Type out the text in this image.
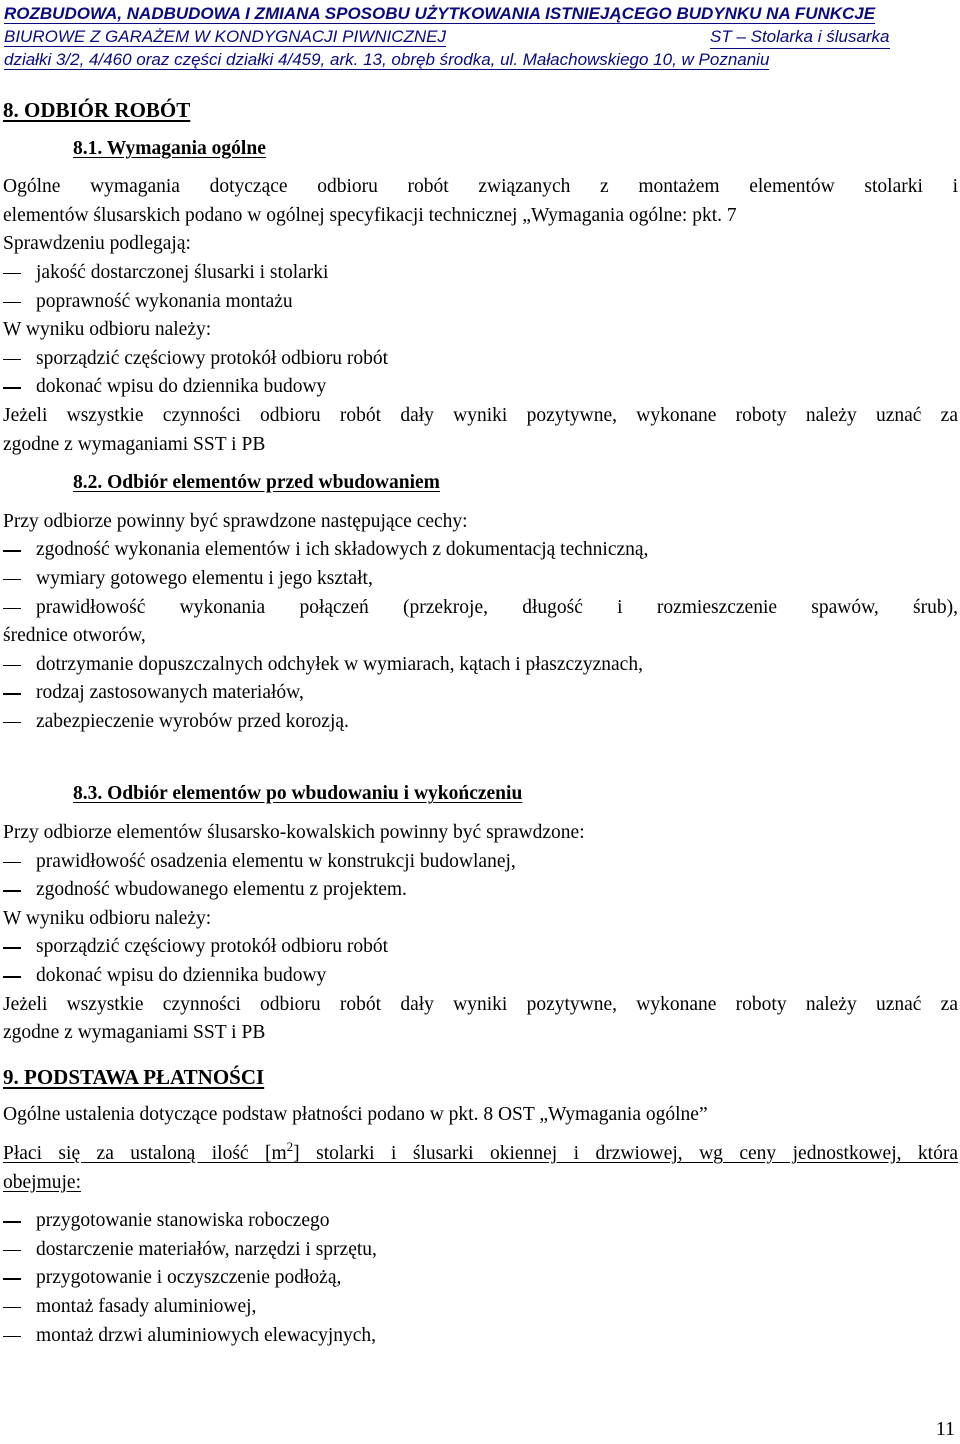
ROZBUDOWA, NADBUDOWA I ZMIANA SPOSOBU UŻYTKOWANIA ISTNIEJĄCEGO BUDYNKU NA FUNKCJE
BIUROWE Z GARAŻEM W KONDYGNACJI PIWNICZNEJ	ST – Stolarka i ślusarka
działki 3/2, 4/460 oraz części działki 4/459, ark. 13, obręb środka, ul. Małachowskiego 10, w Poznaniu
8. ODBIÓR ROBÓT
8.1. Wymagania ogólne
Ogólne wymagania dotyczące odbioru robót związanych z montażem elementów stolarki i
elementów ślusarskich podano w ogólnej specyfikacji technicznej „Wymagania ogólne: pkt. 7
Sprawdzeniu podlegają:
jakość dostarczonej ślusarki i stolarki
poprawność wykonania montażu
W wyniku odbioru należy:
sporządzić częściowy protokół odbioru robót
dokonać wpisu do dziennika budowy
Jeżeli wszystkie czynności odbioru robót dały wyniki pozytywne, wykonane roboty należy uznać za
zgodne z wymaganiami SST i PB
8.2. Odbiór elementów przed wbudowaniem
Przy odbiorze powinny być sprawdzone następujące cechy:
zgodność wykonania elementów i ich składowych z dokumentacją techniczną,
wymiary gotowego elementu i jego kształt,
prawidłowość wykonania połączeń (przekroje, długość i rozmieszczenie spawów, śrub),
średnice otworów,
dotrzymanie dopuszczalnych odchyłek w wymiarach, kątach i płaszczyznach,
rodzaj zastosowanych materiałów,
zabezpieczenie wyrobów przed korozją.
8.3. Odbiór elementów po wbudowaniu i wykończeniu
Przy odbiorze elementów ślusarsko-kowalskich powinny być sprawdzone:
prawidłowość osadzenia elementu w konstrukcji budowlanej,
zgodność wbudowanego elementu z projektem.
W wyniku odbioru należy:
sporządzić częściowy protokół odbioru robót
dokonać wpisu do dziennika budowy
Jeżeli wszystkie czynności odbioru robót dały wyniki pozytywne, wykonane roboty należy uznać za
zgodne z wymaganiami SST i PB
9. PODSTAWA PŁATNOŚCI
Ogólne ustalenia dotyczące podstaw płatności podano w pkt. 8 OST „Wymagania ogólne”
Płaci się za ustaloną ilość $[m^2]$ stolarki i ślusarki okiennej i drzwiowej, wg ceny jednostkowej, która
obejmuje:
przygotowanie stanowiska roboczego
dostarczenie materiałów, narzędzi i sprzętu,
przygotowanie i oczyszczenie podłożą,
montaż fasady aluminiowej,
montaż drzwi aluminiowych elewacyjnych,
11
